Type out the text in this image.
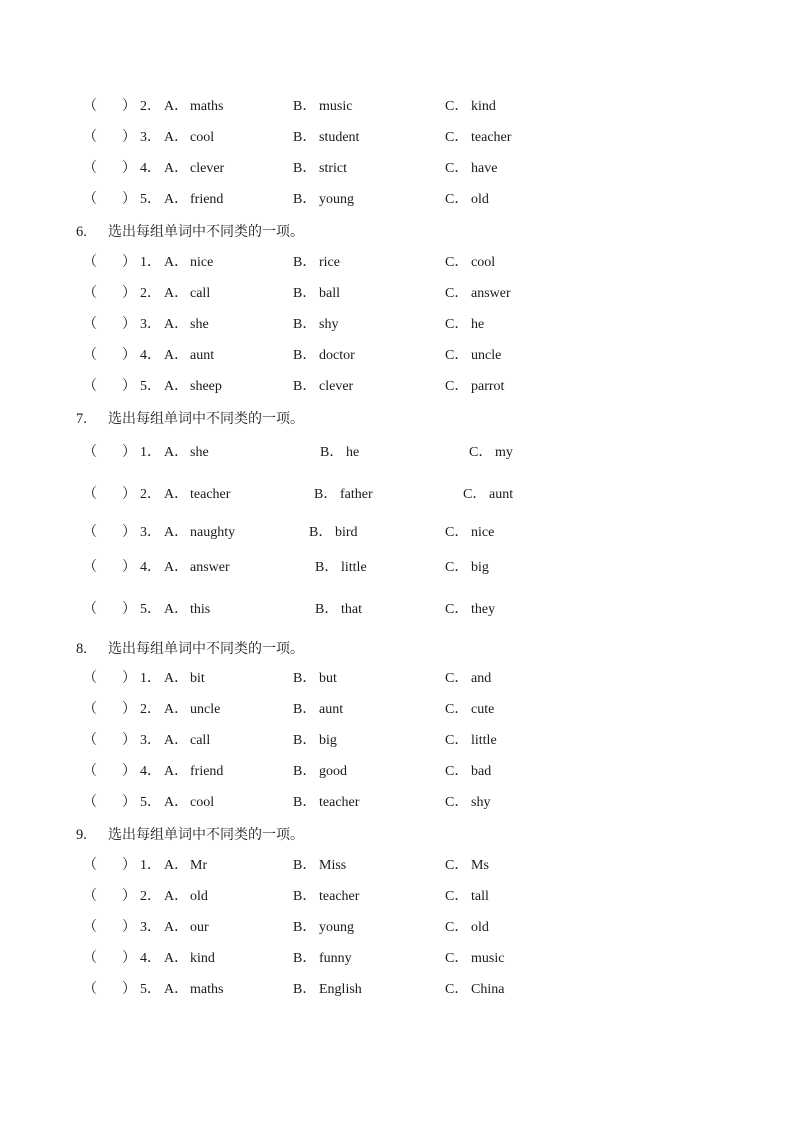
（ ） 2． A． maths	B． music	C． kind
（ ） 3． A． cool	B． student	C． teacher
（ ） 4． A． clever	B． strict	C． have
（ ） 5． A． friend	B． young	C． old
6. 选出每组单词中不同类的一项。
（ ） 1． A． nice	B． rice	C． cool
（ ） 2． A． call	B． ball	C． answer
（ ） 3． A． she	B． shy	C． he
（ ） 4． A． aunt	B． doctor	C． uncle
（ ） 5． A． sheep	B． clever	C． parrot
7. 选出每组单词中不同类的一项。
（ ） 1． A． she	B． he	C． my
（ ） 2． A． teacher	B． father	C． aunt
（ ） 3． A． naughty	B． bird	C． nice
（ ） 4． A． answer	B． little	C． big
（ ） 5． A． this	B． that	C． they
8. 选出每组单词中不同类的一项。
（ ） 1． A． bit	B． but	C． and
（ ） 2． A． uncle	B． aunt	C． cute
（ ） 3． A． call	B． big	C． little
（ ） 4． A． friend	B． good	C． bad
（ ） 5． A． cool	B． teacher	C． shy
9. 选出每组单词中不同类的一项。
（ ） 1． A． Mr	B． Miss	C． Ms
（ ） 2． A． old	B． teacher	C． tall
（ ） 3． A． our	B． young	C． old
（ ） 4． A． kind	B． funny	C． music
（ ） 5． A． maths	B． English	C． China
